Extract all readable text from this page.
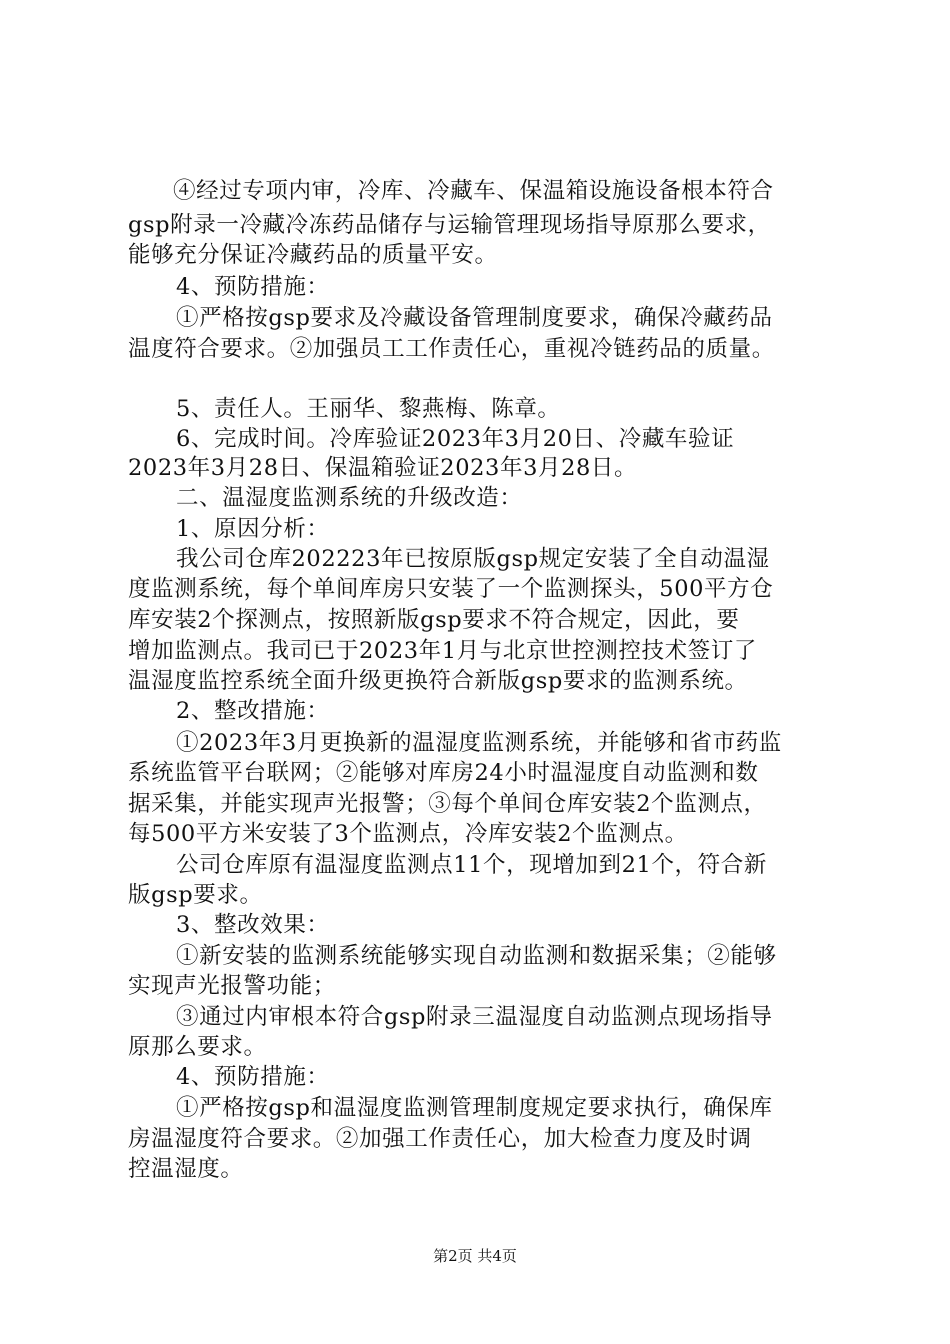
④经过专项内审，冷库、冷藏车、保温箱设施设备根本符合

gsp附录一冷藏冷冻药品储存与运输管理现场指导原那么要求，

能够充分保证冷藏药品的质量平安。

4、预防措施：

①严格按gsp要求及冷藏设备管理制度要求，确保冷藏药品

温度符合要求。②加强员工工作责任心，重视冷链药品的质量。

5、责任人。王丽华、黎燕梅、陈章。

6、完成时间。冷库验证2023年3月20日、冷藏车验证

2023年3月28日、保温箱验证2023年3月28日。

二、温湿度监测系统的升级改造：

1、原因分析：

我公司仓库202223年已按原版gsp规定安装了全自动温湿

度监测系统，每个单间库房只安装了一个监测探头，500平方仓

库安装2个探测点，按照新版gsp要求不符合规定，因此，要

增加监测点。我司已于2023年1月与北京世控测控技术签订了

温湿度监控系统全面升级更换符合新版gsp要求的监测系统。

2、整改措施：

①2023年3月更换新的温湿度监测系统，并能够和省市药监

系统监管平台联网；②能够对库房24小时温湿度自动监测和数

据采集，并能实现声光报警；③每个单间仓库安装2个监测点，

每500平方米安装了3个监测点，冷库安装2个监测点。

公司仓库原有温湿度监测点11个，现增加到21个，符合新

版gsp要求。

3、整改效果：

①新安装的监测系统能够实现自动监测和数据采集；②能够

实现声光报警功能；

③通过内审根本符合gsp附录三温湿度自动监测点现场指导

原那么要求。

4、预防措施：

①严格按gsp和温湿度监测管理制度规定要求执行，确保库

房温湿度符合要求。②加强工作责任心，加大检查力度及时调

控温湿度。

第2页 共4页
